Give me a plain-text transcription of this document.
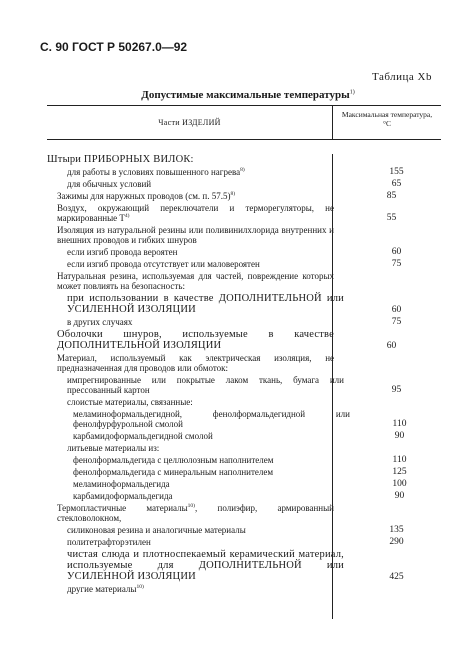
С. 90 ГОСТ Р 50267.0—92
Таблица Xb
Допустимые максимальные температуры$^{1)}$
Части ИЗДЕЛИЙ
Максимальная температура,
°C
Штыри ПРИБОРНЫХ ВИЛОК:
для работы в условиях повышенного нагрева$^{8)}$	155
для обычных условий	65
Зажимы для наружных проводов (см. п. 57.5)$^{8)}$	85
Воздух, окружающий переключатели и терморегуляторы, не маркированные $Т^{4)}$	55
Изоляция из натуральной резины или поливинилхлорида внутренних и внешних проводов и гибких шнуров
если изгиб провода вероятен	60
если изгиб провода отсутствует или маловероятен	75
Натуральная резина, используемая для частей, повреждение которых может повлиять на безопасность:
при использовании в качестве ДОПОЛНИТЕЛЬНОЙ или УСИЛЕННОЙ ИЗОЛЯЦИИ	60
в других случаях	75
Оболочки шнуров, используемые в качестве ДОПОЛНИТЕЛЬНОЙ ИЗОЛЯЦИИ	60
Материал, используемый как электрическая изоляция, не предназначенная для проводов или обмоток:
импрегнированные или покрытые лаком ткань, бумага или прессованный картон	95
слоистые материалы, связанные:
меламиноформальдегидной, фенолформальдегидной или фенолфурфурольной смолой	110
карбамидоформальдегидной смолой	90
литьевые материалы из:
фенолформальдегида с целлюлозным наполнителем	110
фенолформальдегида с минеральным наполнителем	125
меламиноформальдегида	100
карбамидоформальдегида	90
Термопластичные материалы$^{10)}$, полиэфир, армированный стекловолокном,
силиконовая резина и аналогичные материалы	135
политетрафторэтилен	290
чистая слюда и плотноспекаемый керамический материал, используемые для ДОПОЛНИТЕЛЬНОЙ или УСИЛЕННОЙ ИЗОЛЯЦИИ	425
другие материалы$^{10)}$
